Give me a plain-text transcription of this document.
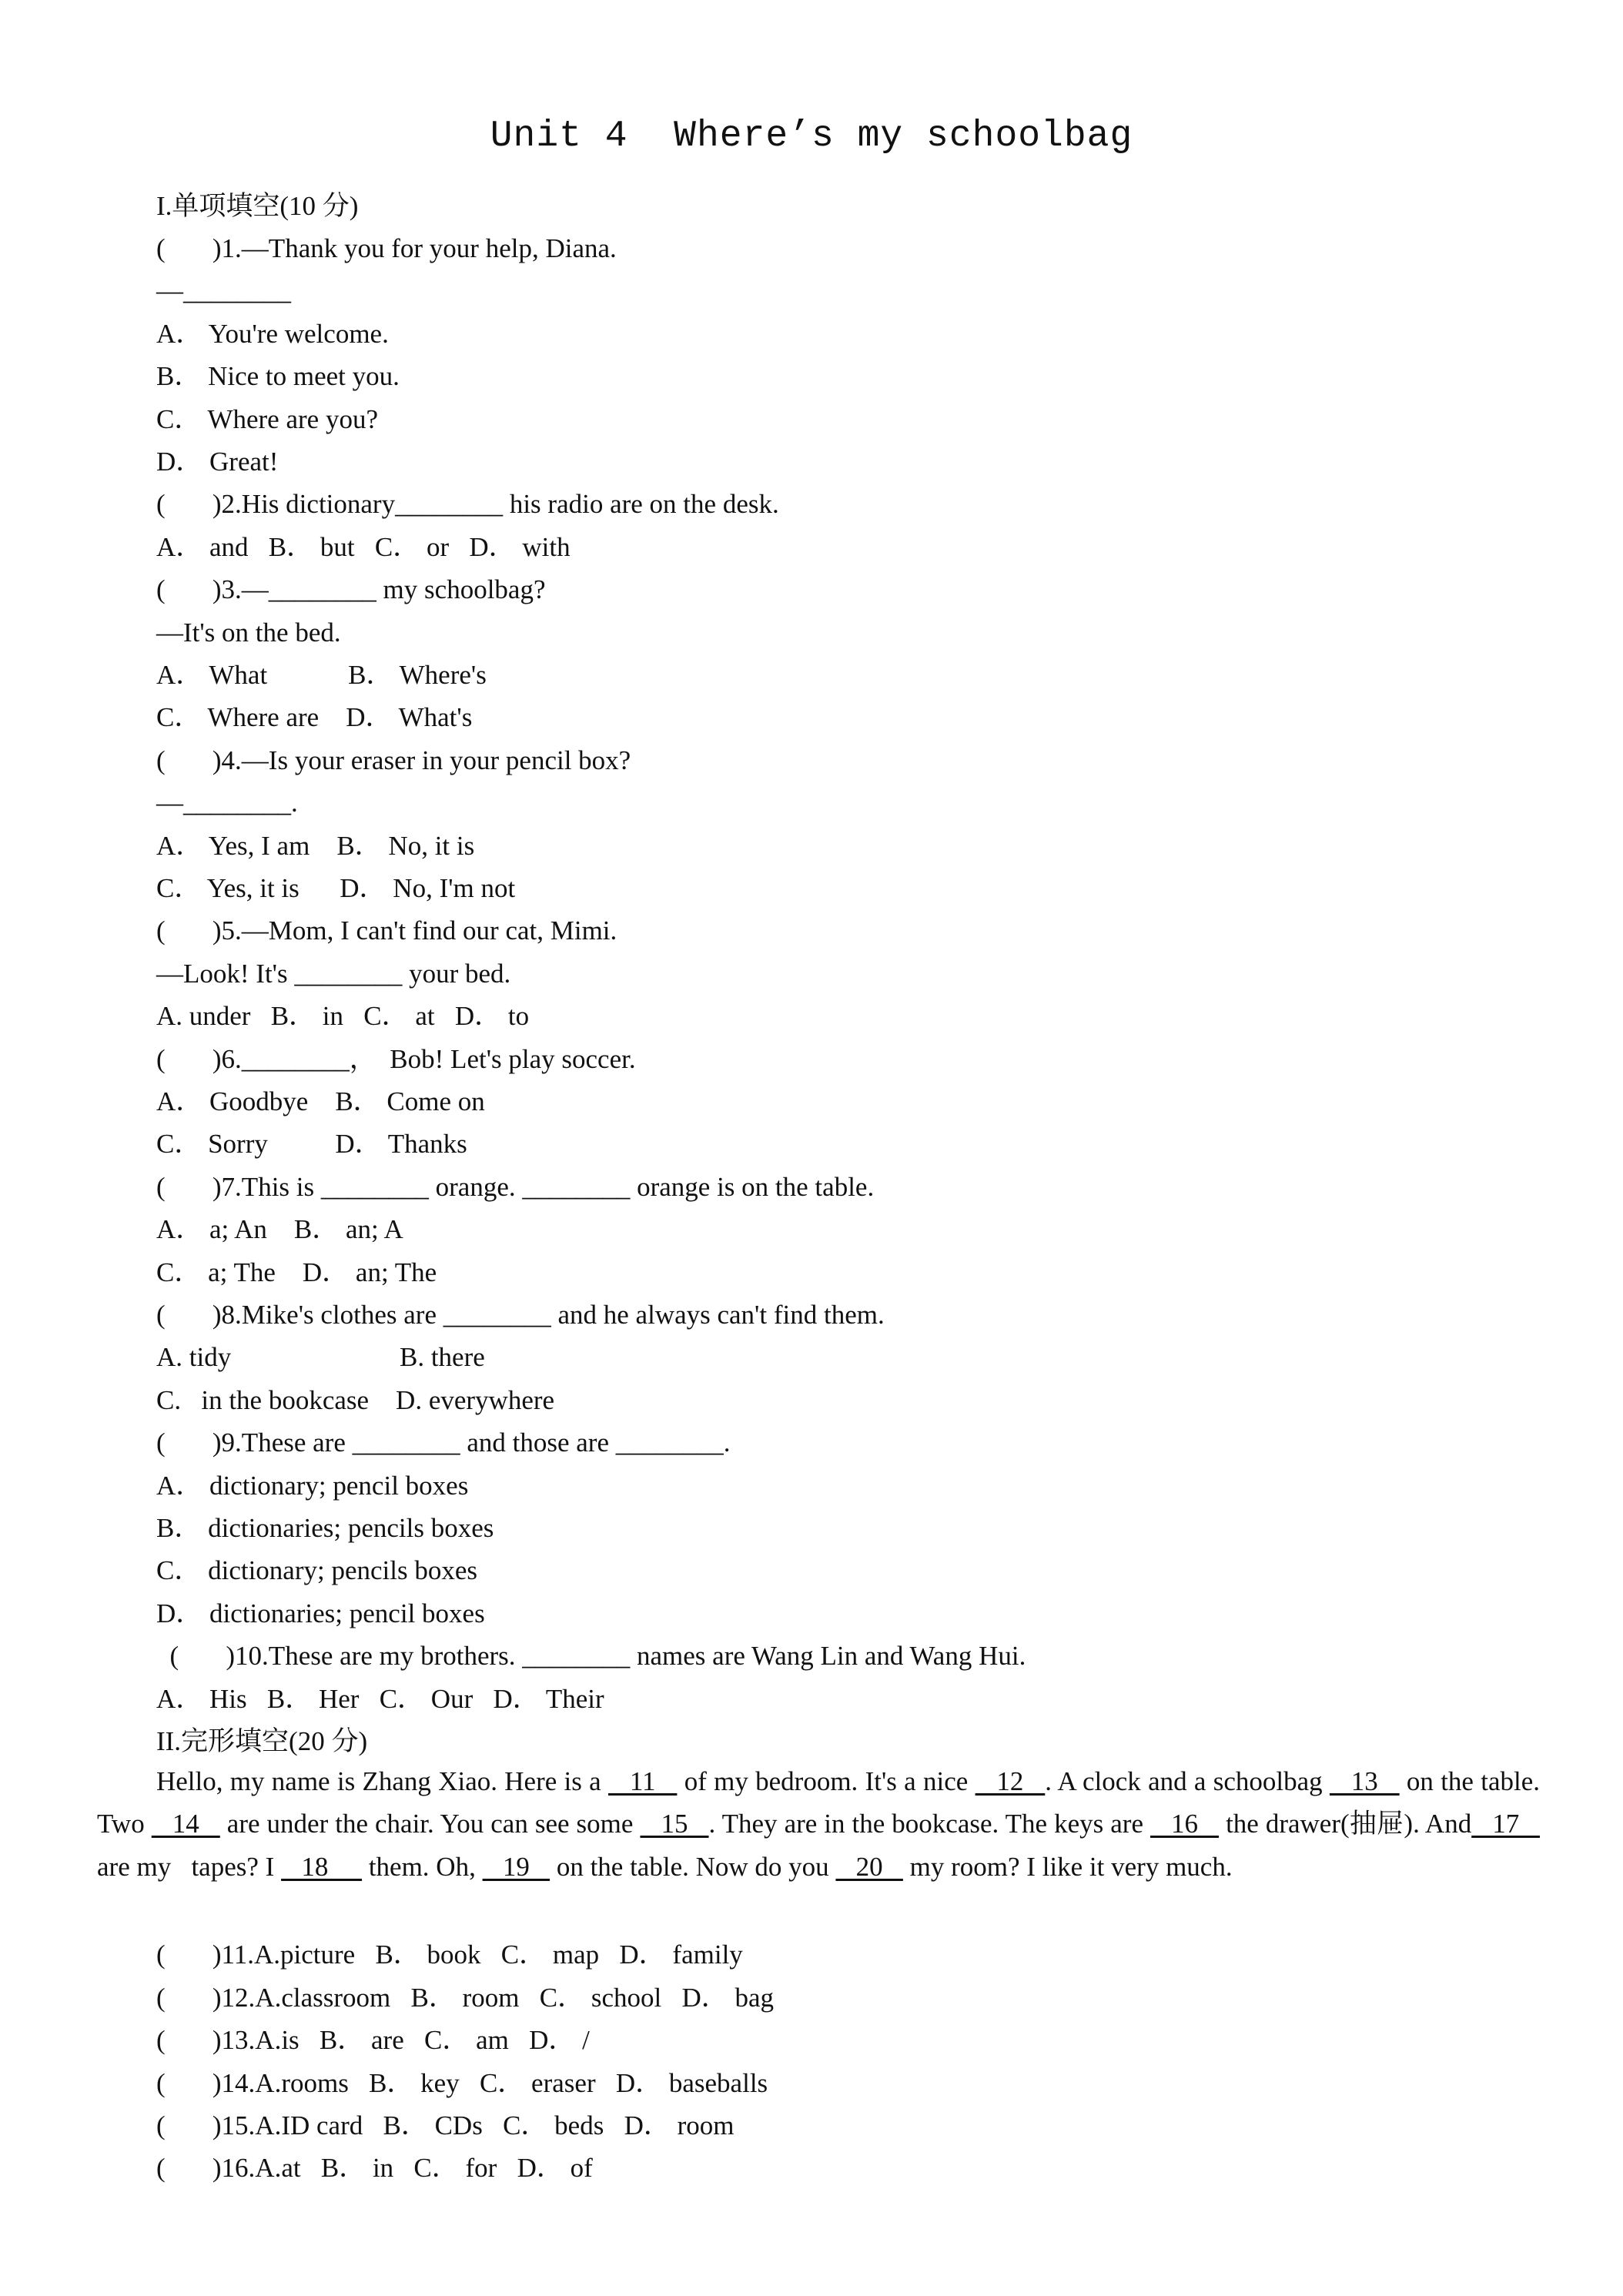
Unit 4  Where’s my schoolbag
I.单项填空(10 分)
(       )1.—Thank you for your help, Diana.
—________
A． You're welcome.
B． Nice to meet you.
C． Where are you?
D． Great!
(       )2.His dictionary________ his radio are on the desk.
A． and   B． but   C． or   D． with
(       )3.—________ my schoolbag?
—It's on the bed.
A． What            B． Where's
C． Where are    D． What's
(       )4.—Is your eraser in your pencil box?
—________.
A． Yes, I am    B． No, it is
C． Yes, it is      D． No, I'm not
(       )5.—Mom, I can't find our cat, Mimi.
—Look! It's ________ your bed.
A. under   B． in   C． at   D． to
(       )6.________，  Bob! Let's play soccer.
A． Goodbye    B． Come on
C． Sorry          D． Thanks
(       )7.This is ________ orange. ________ orange is on the table.
A． a; An    B． an; A
C． a; The    D． an; The
(       )8.Mike's clothes are ________ and he always can't find them.
A. tidy                         B. there
C.   in the bookcase    D. everywhere
(       )9.These are ________ and those are ________.
A． dictionary; pencil boxes
B． dictionaries; pencils boxes
C． dictionary; pencils boxes
D． dictionaries; pencil boxes
(       )10.These are my brothers. ________ names are Wang Lin and Wang Hui.
A． His   B． Her   C． Our   D． Their
II.完形填空(20 分)
Hello, my name is Zhang Xiao. Here is a    11    of my bedroom. It's a nice    12   . A clock and a schoolbag    13    on the table. Two    14    are under the chair. You can see some    15   . They are in the bookcase. The keys are    16    the drawer(抽屉). And   17    are my   tapes? I    18      them. Oh,    19    on the table. Now do you    20    my room? I like it very much.
(       )11.A.picture   B． book   C． map   D． family
(       )12.A.classroom   B． room   C． school   D． bag
(       )13.A.is   B． are   C． am   D． /
(       )14.A.rooms   B． key   C． eraser   D． baseballs
(       )15.A.ID card   B． CDs   C． beds   D． room
(       )16.A.at   B． in   C． for   D． of
